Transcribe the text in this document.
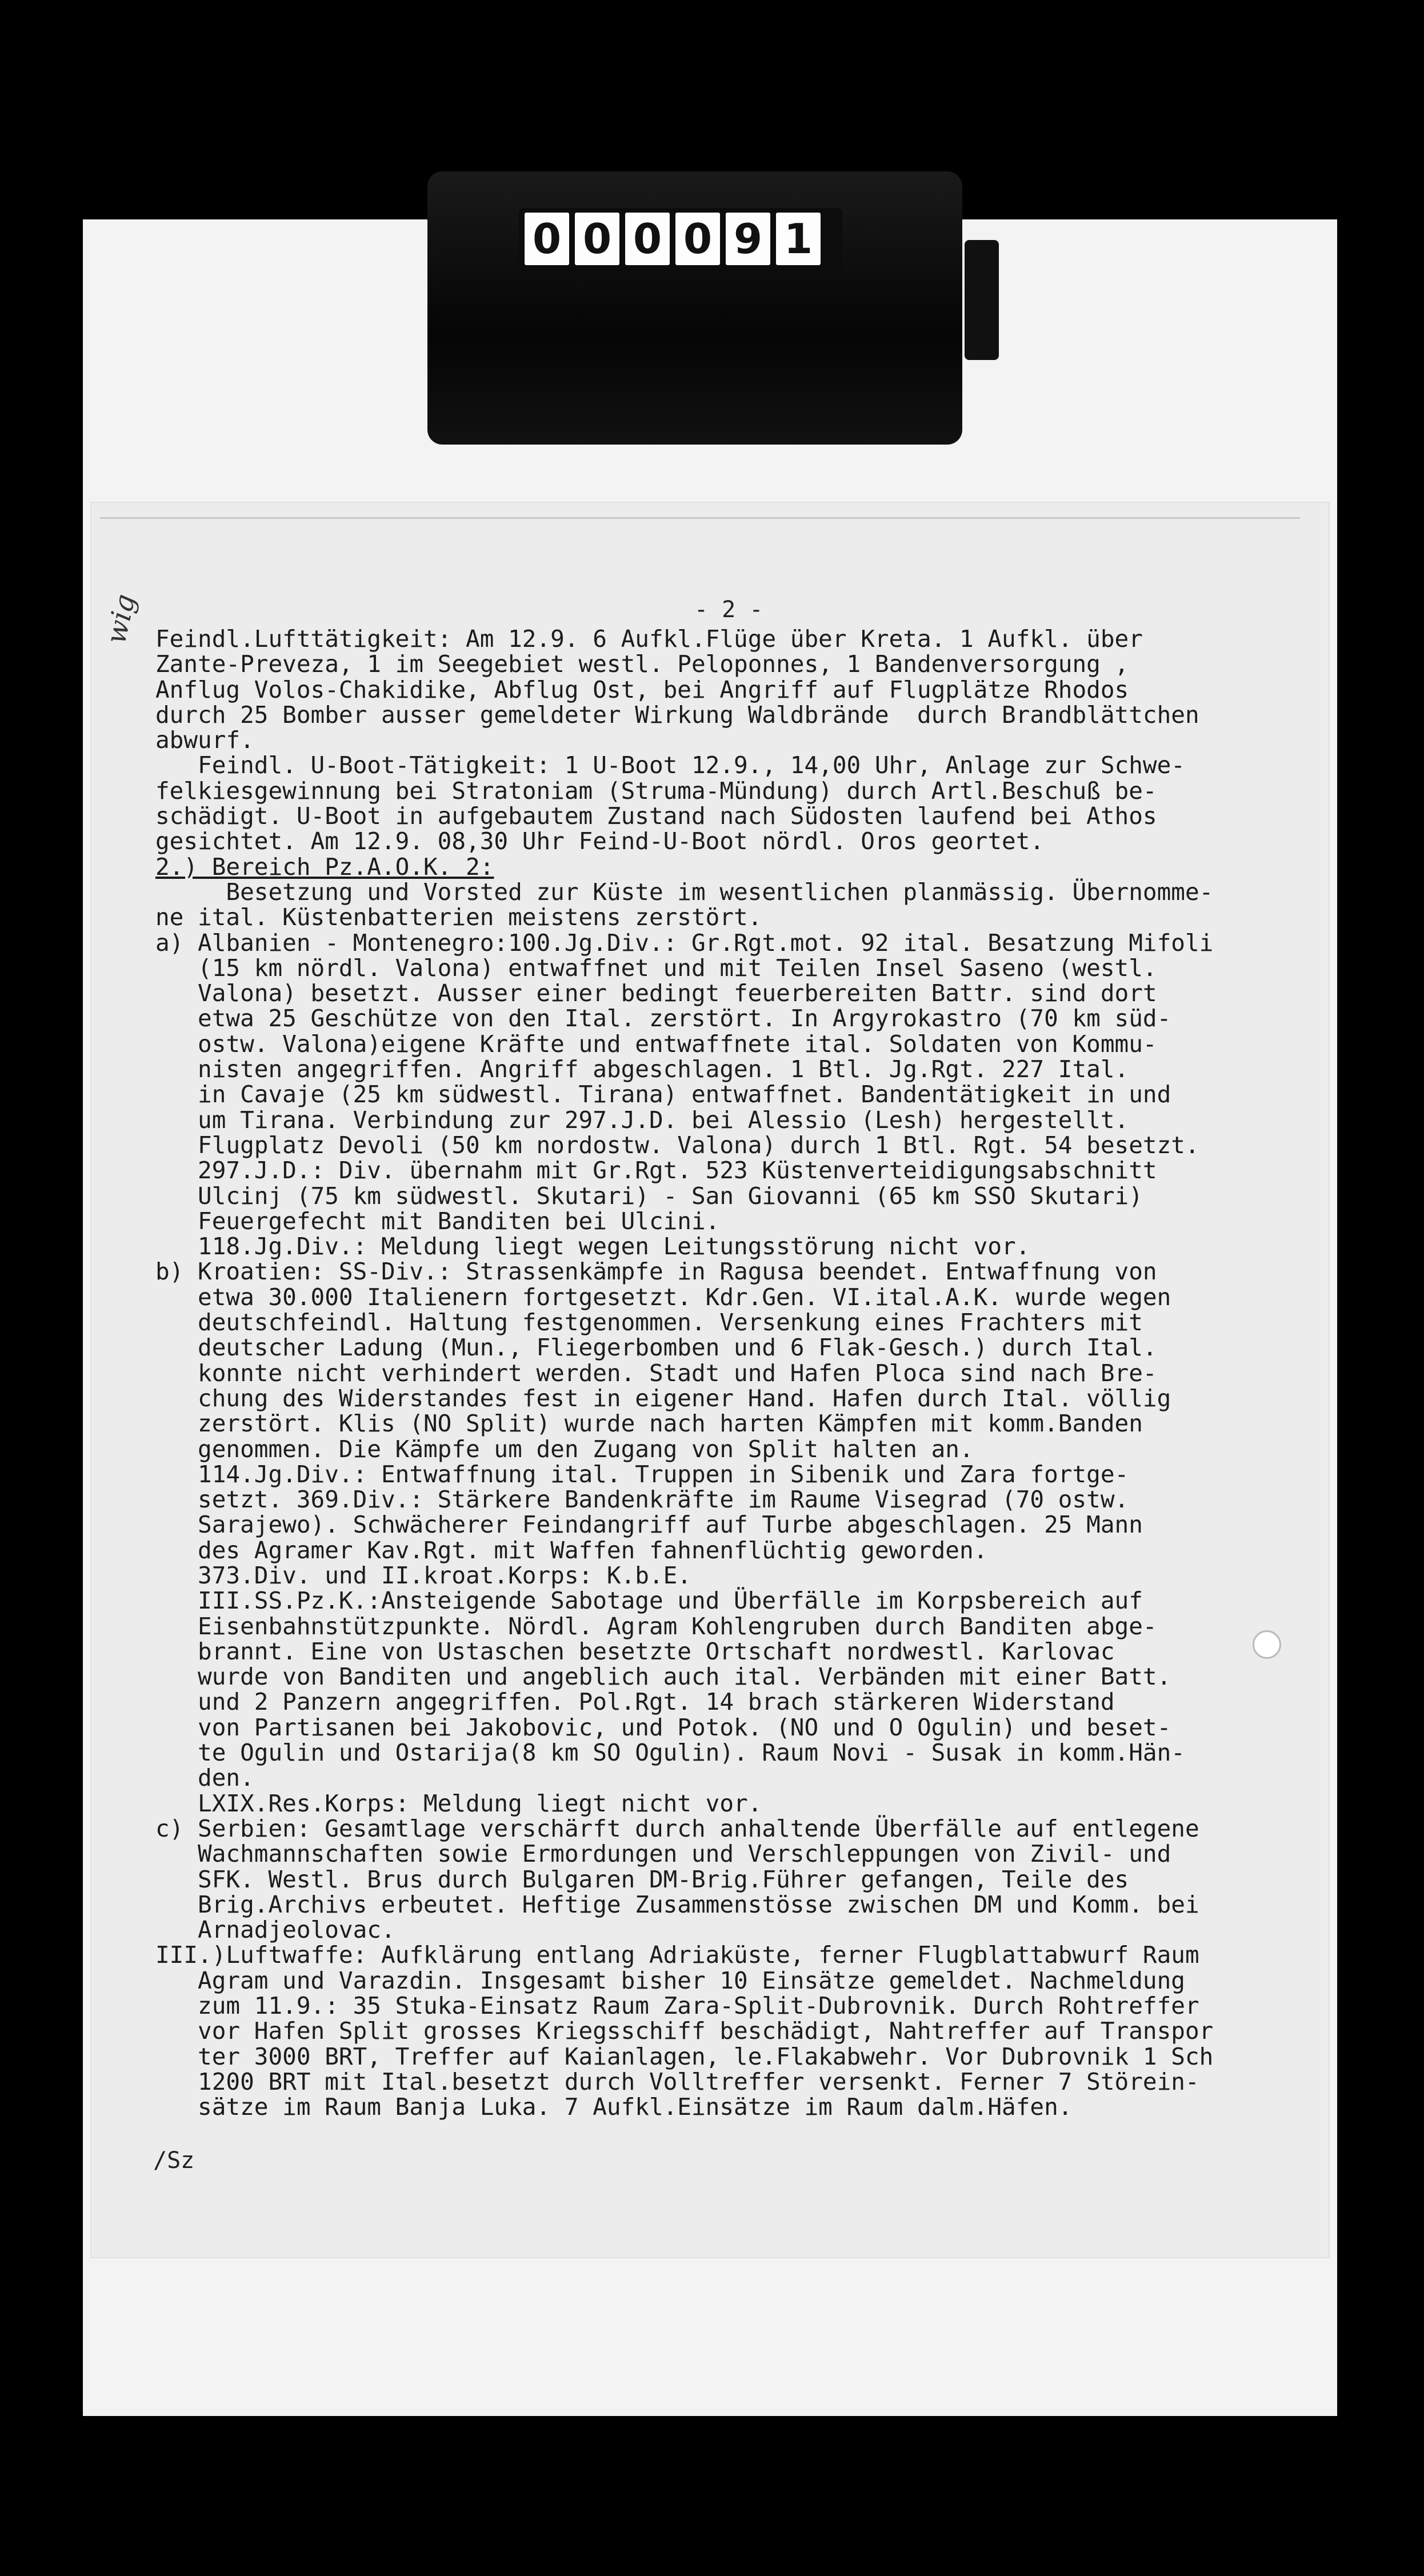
0 0 0 0 9 1
- 2 -
wig Feindl.Lufttätigkeit: Am 12.9. 6 Aufkl.Flüge über Kreta. 1 Aufkl. über
Zante-Preveza, 1 im Seegebiet westl. Peloponnes, 1 Bandenversorgung ,
Anflug Volos-Chakidike, Abflug Ost, bei Angriff auf Flugplätze Rhodos
durch 25 Bomber ausser gemeldeter Wirkung Waldbrände  durch Brandblättchen
abwurf.
Feindl. U-Boot-Tätigkeit: 1 U-Boot 12.9., 14,00 Uhr, Anlage zur Schwe-
felkiesgewinnung bei Stratoniam (Struma-Mündung) durch Artl.Beschuß be-
schädigt. U-Boot in aufgebautem Zustand nach Südosten laufend bei Athos
gesichtet. Am 12.9. 08,30 Uhr Feind-U-Boot nördl. Oros geortet.
2.) Bereich Pz.A.O.K. 2:
Besetzung und Vorsted zur Küste im wesentlichen planmässig. Übernomme-
ne ital. Küstenbatterien meistens zerstört.
a) Albanien - Montenegro:100.Jg.Div.: Gr.Rgt.mot. 92 ital. Besatzung Mifoli
(15 km nördl. Valona) entwaffnet und mit Teilen Insel Saseno (westl.
Valona) besetzt. Ausser einer bedingt feuerbereiten Battr. sind dort
etwa 25 Geschütze von den Ital. zerstört. In Argyrokastro (70 km süd-
ostw. Valona)eigene Kräfte und entwaffnete ital. Soldaten von Kommu-
nisten angegriffen. Angriff abgeschlagen. 1 Btl. Jg.Rgt. 227 Ital.
in Cavaje (25 km südwestl. Tirana) entwaffnet. Bandentätigkeit in und
um Tirana. Verbindung zur 297.J.D. bei Alessio (Lesh) hergestellt.
Flugplatz Devoli (50 km nordostw. Valona) durch 1 Btl. Rgt. 54 besetzt.
297.J.D.: Div. übernahm mit Gr.Rgt. 523 Küstenverteidigungsabschnitt
Ulcinj (75 km südwestl. Skutari) - San Giovanni (65 km SSO Skutari)
Feuergefecht mit Banditen bei Ulcini.
118.Jg.Div.: Meldung liegt wegen Leitungsstörung nicht vor.
b) Kroatien: SS-Div.: Strassenkämpfe in Ragusa beendet. Entwaffnung von
etwa 30.000 Italienern fortgesetzt. Kdr.Gen. VI.ital.A.K. wurde wegen
deutschfeindl. Haltung festgenommen. Versenkung eines Frachters mit
deutscher Ladung (Mun., Fliegerbomben und 6 Flak-Gesch.) durch Ital.
konnte nicht verhindert werden. Stadt und Hafen Ploca sind nach Bre-
chung des Widerstandes fest in eigener Hand. Hafen durch Ital. völlig
zerstört. Klis (NO Split) wurde nach harten Kämpfen mit komm.Banden
genommen. Die Kämpfe um den Zugang von Split halten an.
114.Jg.Div.: Entwaffnung ital. Truppen in Sibenik und Zara fortge-
setzt. 369.Div.: Stärkere Bandenkräfte im Raume Visegrad (70 ostw.
Sarajewo). Schwächerer Feindangriff auf Turbe abgeschlagen. 25 Mann
des Agramer Kav.Rgt. mit Waffen fahnenflüchtig geworden.
373.Div. und II.kroat.Korps: K.b.E.
III.SS.Pz.K.:Ansteigende Sabotage und Überfälle im Korpsbereich auf
Eisenbahnstützpunkte. Nördl. Agram Kohlengruben durch Banditen abge-
brannt. Eine von Ustaschen besetzte Ortschaft nordwestl. Karlovac
wurde von Banditen und angeblich auch ital. Verbänden mit einer Batt.
und 2 Panzern angegriffen. Pol.Rgt. 14 brach stärkeren Widerstand
von Partisanen bei Jakobovic, und Potok. (NO und O Ogulin) und beset-
te Ogulin und Ostarija(8 km SO Ogulin). Raum Novi - Susak in komm.Hän-
den.
LXIX.Res.Korps: Meldung liegt nicht vor.
c) Serbien: Gesamtlage verschärft durch anhaltende Überfälle auf entlegene
Wachmannschaften sowie Ermordungen und Verschleppungen von Zivil- und
SFK. Westl. Brus durch Bulgaren DM-Brig.Führer gefangen, Teile des
Brig.Archivs erbeutet. Heftige Zusammenstösse zwischen DM und Komm. bei
Arnadjeolovac.
III.)Luftwaffe: Aufklärung entlang Adriaküste, ferner Flugblattabwurf Raum
Agram und Varazdin. Insgesamt bisher 10 Einsätze gemeldet. Nachmeldung
zum 11.9.: 35 Stuka-Einsatz Raum Zara-Split-Dubrovnik. Durch Rohtreffer
vor Hafen Split grosses Kriegsschiff beschädigt, Nahtreffer auf Transpor
ter 3000 BRT, Treffer auf Kaianlagen, le.Flakabwehr. Vor Dubrovnik 1 Sch
1200 BRT mit Ital.besetzt durch Volltreffer versenkt. Ferner 7 Störein-
sätze im Raum Banja Luka. 7 Aufkl.Einsätze im Raum dalm.Häfen.
/Sz
